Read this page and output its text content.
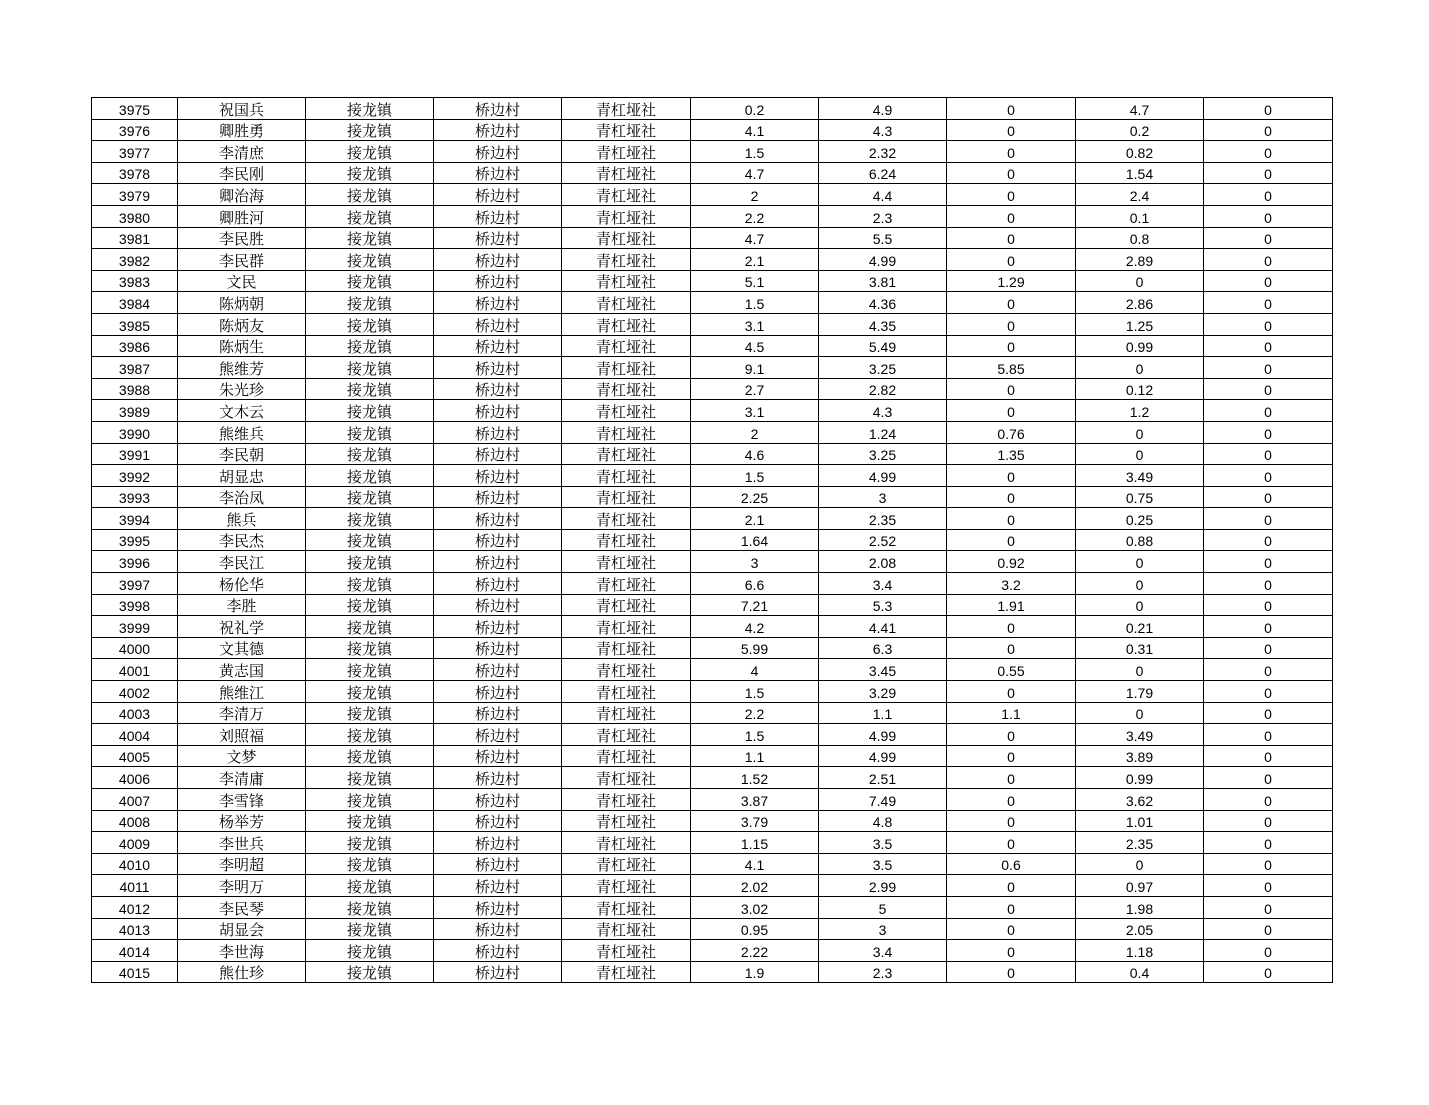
3975	祝国兵	接龙镇	桥边村	青杠垭社	0.2	4.9	0	4.7	0
3976	卿胜勇	接龙镇	桥边村	青杠垭社	4.1	4.3	0	0.2	0
3977	李清庶	接龙镇	桥边村	青杠垭社	1.5	2.32	0	0.82	0
3978	李民刚	接龙镇	桥边村	青杠垭社	4.7	6.24	0	1.54	0
3979	卿治海	接龙镇	桥边村	青杠垭社	2	4.4	0	2.4	0
3980	卿胜河	接龙镇	桥边村	青杠垭社	2.2	2.3	0	0.1	0
3981	李民胜	接龙镇	桥边村	青杠垭社	4.7	5.5	0	0.8	0
3982	李民群	接龙镇	桥边村	青杠垭社	2.1	4.99	0	2.89	0
3983	文民	接龙镇	桥边村	青杠垭社	5.1	3.81	1.29	0	0
3984	陈炳朝	接龙镇	桥边村	青杠垭社	1.5	4.36	0	2.86	0
3985	陈炳友	接龙镇	桥边村	青杠垭社	3.1	4.35	0	1.25	0
3986	陈炳生	接龙镇	桥边村	青杠垭社	4.5	5.49	0	0.99	0
3987	熊维芳	接龙镇	桥边村	青杠垭社	9.1	3.25	5.85	0	0
3988	朱光珍	接龙镇	桥边村	青杠垭社	2.7	2.82	0	0.12	0
3989	文木云	接龙镇	桥边村	青杠垭社	3.1	4.3	0	1.2	0
3990	熊维兵	接龙镇	桥边村	青杠垭社	2	1.24	0.76	0	0
3991	李民朝	接龙镇	桥边村	青杠垭社	4.6	3.25	1.35	0	0
3992	胡显忠	接龙镇	桥边村	青杠垭社	1.5	4.99	0	3.49	0
3993	李治凤	接龙镇	桥边村	青杠垭社	2.25	3	0	0.75	0
3994	熊兵	接龙镇	桥边村	青杠垭社	2.1	2.35	0	0.25	0
3995	李民杰	接龙镇	桥边村	青杠垭社	1.64	2.52	0	0.88	0
3996	李民江	接龙镇	桥边村	青杠垭社	3	2.08	0.92	0	0
3997	杨伦华	接龙镇	桥边村	青杠垭社	6.6	3.4	3.2	0	0
3998	李胜	接龙镇	桥边村	青杠垭社	7.21	5.3	1.91	0	0
3999	祝礼学	接龙镇	桥边村	青杠垭社	4.2	4.41	0	0.21	0
4000	文其德	接龙镇	桥边村	青杠垭社	5.99	6.3	0	0.31	0
4001	黄志国	接龙镇	桥边村	青杠垭社	4	3.45	0.55	0	0
4002	熊维江	接龙镇	桥边村	青杠垭社	1.5	3.29	0	1.79	0
4003	李清万	接龙镇	桥边村	青杠垭社	2.2	1.1	1.1	0	0
4004	刘照福	接龙镇	桥边村	青杠垭社	1.5	4.99	0	3.49	0
4005	文梦	接龙镇	桥边村	青杠垭社	1.1	4.99	0	3.89	0
4006	李清庸	接龙镇	桥边村	青杠垭社	1.52	2.51	0	0.99	0
4007	李雪锋	接龙镇	桥边村	青杠垭社	3.87	7.49	0	3.62	0
4008	杨举芳	接龙镇	桥边村	青杠垭社	3.79	4.8	0	1.01	0
4009	李世兵	接龙镇	桥边村	青杠垭社	1.15	3.5	0	2.35	0
4010	李明超	接龙镇	桥边村	青杠垭社	4.1	3.5	0.6	0	0
4011	李明万	接龙镇	桥边村	青杠垭社	2.02	2.99	0	0.97	0
4012	李民琴	接龙镇	桥边村	青杠垭社	3.02	5	0	1.98	0
4013	胡显会	接龙镇	桥边村	青杠垭社	0.95	3	0	2.05	0
4014	李世海	接龙镇	桥边村	青杠垭社	2.22	3.4	0	1.18	0
4015	熊仕珍	接龙镇	桥边村	青杠垭社	1.9	2.3	0	0.4	0
